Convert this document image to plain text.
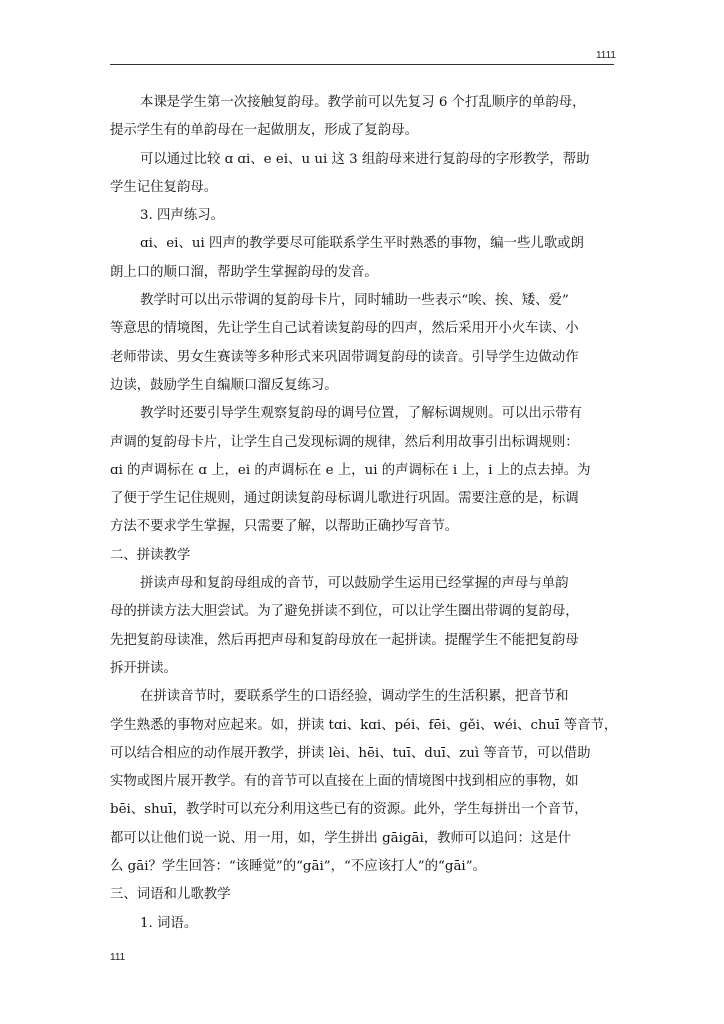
1111
本课是学生第一次接触复韵母。教学前可以先复习 6 个打乱顺序的单韵母，
提示学生有的单韵母在一起做朋友，形成了复韵母。
可以通过比较 ɑ ɑi、e ei、u ui 这 3 组韵母来进行复韵母的字形教学，帮助
学生记住复韵母。
3. 四声练习。
ɑi、ei、ui 四声的教学要尽可能联系学生平时熟悉的事物，编一些儿歌或朗
朗上口的顺口溜，帮助学生掌握韵母的发音。
教学时可以出示带调的复韵母卡片，同时辅助一些表示“唉、挨、矮、爱”
等意思的情境图，先让学生自己试着读复韵母的四声，然后采用开小火车读、小
老师带读、男女生赛读等多种形式来巩固带调复韵母的读音。引导学生边做动作
边读，鼓励学生自编顺口溜反复练习。
教学时还要引导学生观察复韵母的调号位置，了解标调规则。可以出示带有
声调的复韵母卡片，让学生自己发现标调的规律，然后利用故事引出标调规则：
ɑi 的声调标在 ɑ 上，ei 的声调标在 e 上，ui 的声调标在 i 上，i 上的点去掉。为
了便于学生记住规则，通过朗读复韵母标调儿歌进行巩固。需要注意的是，标调
方法不要求学生掌握，只需要了解，以帮助正确抄写音节。
二、拼读教学
拼读声母和复韵母组成的音节，可以鼓励学生运用已经掌握的声母与单韵
母的拼读方法大胆尝试。为了避免拼读不到位，可以让学生圈出带调的复韵母，
先把复韵母读准，然后再把声母和复韵母放在一起拼读。提醒学生不能把复韵母
拆开拼读。
在拼读音节时，要联系学生的口语经验，调动学生的生活积累，把音节和
学生熟悉的事物对应起来。如，拼读 tɑi、kɑi、péi、fēi、gěi、wéi、chuī 等音节，
可以结合相应的动作展开教学，拼读 lèi、hēi、tuī、duī、zuì 等音节，可以借助
实物或图片展开教学。有的音节可以直接在上面的情境图中找到相应的事物，如
bēi、shuī，教学时可以充分利用这些已有的资源。此外，学生每拼出一个音节，
都可以让他们说一说、用一用，如，学生拼出 gāigāi，教师可以追问：这是什
么 gāi？学生回答：“该睡觉”的“gāi”，“不应该打人”的“gāi”。
三、词语和儿歌教学
1. 词语。
111
